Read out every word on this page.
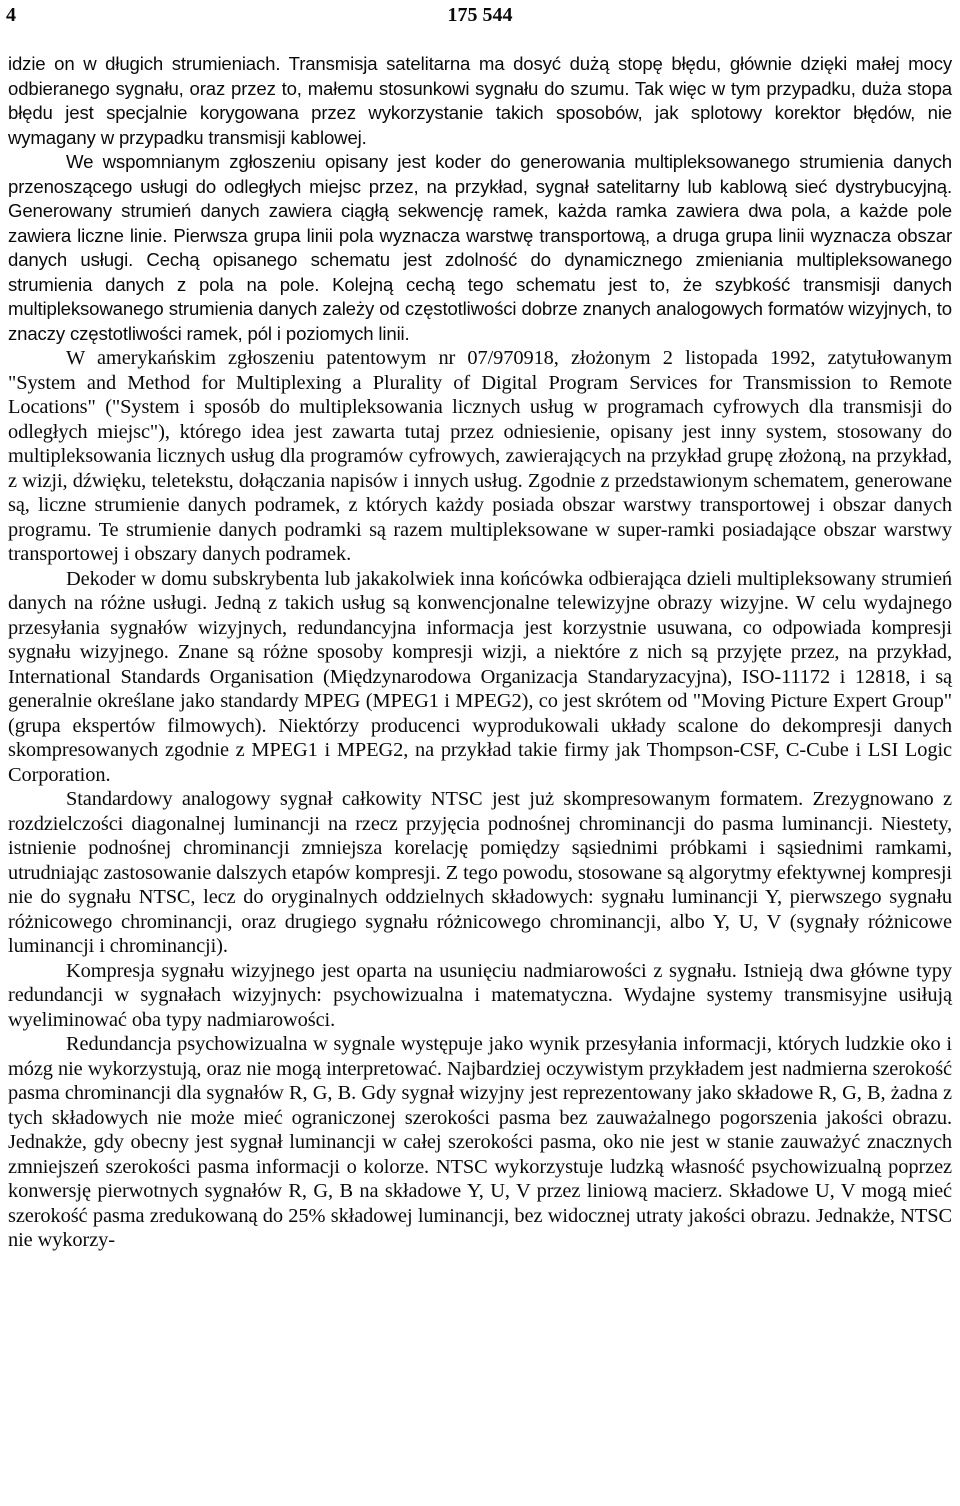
4	175 544

idzie on w długich strumieniach. Transmisja satelitarna ma dosyć dużą stopę błędu, głównie dzięki małej mocy odbieranego sygnału, oraz przez to, małemu stosunkowi sygnału do szumu. Tak więc w tym przypadku, duża stopa błędu jest specjalnie korygowana przez wykorzystanie takich sposobów, jak splotowy korektor błędów, nie wymagany w przypadku transmisji kablowej.

We wspomnianym zgłoszeniu opisany jest koder do generowania multipleksowanego strumienia danych przenoszącego usługi do odległych miejsc przez, na przykład, sygnał satelitarny lub kablową sieć dystrybucyjną. Generowany strumień danych zawiera ciągłą sekwencję ramek, każda ramka zawiera dwa pola, a każde pole zawiera liczne linie. Pierwsza grupa linii pola wyznacza warstwę transportową, a druga grupa linii wyznacza obszar danych usługi. Cechą opisanego schematu jest zdolność do dynamicznego zmieniania multipleksowanego strumienia danych z pola na pole. Kolejną cechą tego schematu jest to, że szybkość transmisji danych multipleksowanego strumienia danych zależy od częstotliwości dobrze znanych analogowych formatów wizyjnych, to znaczy częstotliwości ramek, pól i poziomych linii.

W amerykańskim zgłoszeniu patentowym nr 07/970918, złożonym 2 listopada 1992, zatytułowanym "System and Method for Multiplexing a Plurality of Digital Program Services for Transmission to Remote Locations" ("System i sposób do multipleksowania licznych usług w programach cyfrowych dla transmisji do odległych miejsc"), którego idea jest zawarta tutaj przez odniesienie, opisany jest inny system, stosowany do multipleksowania licznych usług dla programów cyfrowych, zawierających na przykład grupę złożoną, na przykład, z wizji, dźwięku, teletekstu, dołączania napisów i innych usług. Zgodnie z przedstawionym schematem, generowane są, liczne strumienie danych podramek, z których każdy posiada obszar warstwy transportowej i obszar danych programu. Te strumienie danych podramki są razem multipleksowane w super-ramki posiadające obszar warstwy transportowej i obszary danych podramek.

Dekoder w domu subskrybenta lub jakakolwiek inna końcówka odbierająca dzieli multipleksowany strumień danych na różne usługi. Jedną z takich usług są konwencjonalne telewizyjne obrazy wizyjne. W celu wydajnego przesyłania sygnałów wizyjnych, redundancyjna informacja jest korzystnie usuwana, co odpowiada kompresji sygnału wizyjnego. Znane są różne sposoby kompresji wizji, a niektóre z nich są przyjęte przez, na przykład, International Standards Organisation (Międzynarodowa Organizacja Standaryzacyjna), ISO-11172 i 12818, i są generalnie określane jako standardy MPEG (MPEG1 i MPEG2), co jest skrótem od "Moving Picture Expert Group" (grupa ekspertów filmowych). Niektórzy producenci wyprodukowali układy scalone do dekompresji danych skompresowanych zgodnie z MPEG1 i MPEG2, na przykład takie firmy jak Thompson-CSF, C-Cube i LSI Logic Corporation.

Standardowy analogowy sygnał całkowity NTSC jest już skompresowanym formatem. Zrezygnowano z rozdzielczości diagonalnej luminancji na rzecz przyjęcia podnośnej chrominancji do pasma luminancji. Niestety, istnienie podnośnej chrominancji zmniejsza korelację pomiędzy sąsiednimi próbkami i sąsiednimi ramkami, utrudniając zastosowanie dalszych etapów kompresji. Z tego powodu, stosowane są algorytmy efektywnej kompresji nie do sygnału NTSC, lecz do oryginalnych oddzielnych składowych: sygnału luminancji Y, pierwszego sygnału różnicowego chrominancji, oraz drugiego sygnału różnicowego chrominancji, albo Y, U, V (sygnały różnicowe luminancji i chrominancji).

Kompresja sygnału wizyjnego jest oparta na usunięciu nadmiarowości z sygnału. Istnieją dwa główne typy redundancji w sygnałach wizyjnych: psychowizualna i matematyczna. Wydajne systemy transmisyjne usiłują wyeliminować oba typy nadmiarowości.

Redundancja psychowizualna w sygnale występuje jako wynik przesyłania informacji, których ludzkie oko i mózg nie wykorzystują, oraz nie mogą interpretować. Najbardziej oczywistym przykładem jest nadmierna szerokość pasma chrominancji dla sygnałów R, G, B. Gdy sygnał wizyjny jest reprezentowany jako składowe R, G, B, żadna z tych składowych nie może mieć ograniczonej szerokości pasma bez zauważalnego pogorszenia jakości obrazu. Jednakże, gdy obecny jest sygnał luminancji w całej szerokości pasma, oko nie jest w stanie zauważyć znacznych zmniejszeń szerokości pasma informacji o kolorze. NTSC wykorzystuje ludzką własność psychowizualną poprzez konwersję pierwotnych sygnałów R, G, B na składowe Y, U, V przez liniową macierz. Składowe U, V mogą mieć szerokość pasma zredukowaną do 25% składowej luminancji, bez widocznej utraty jakości obrazu. Jednakże, NTSC nie wykorzy-
